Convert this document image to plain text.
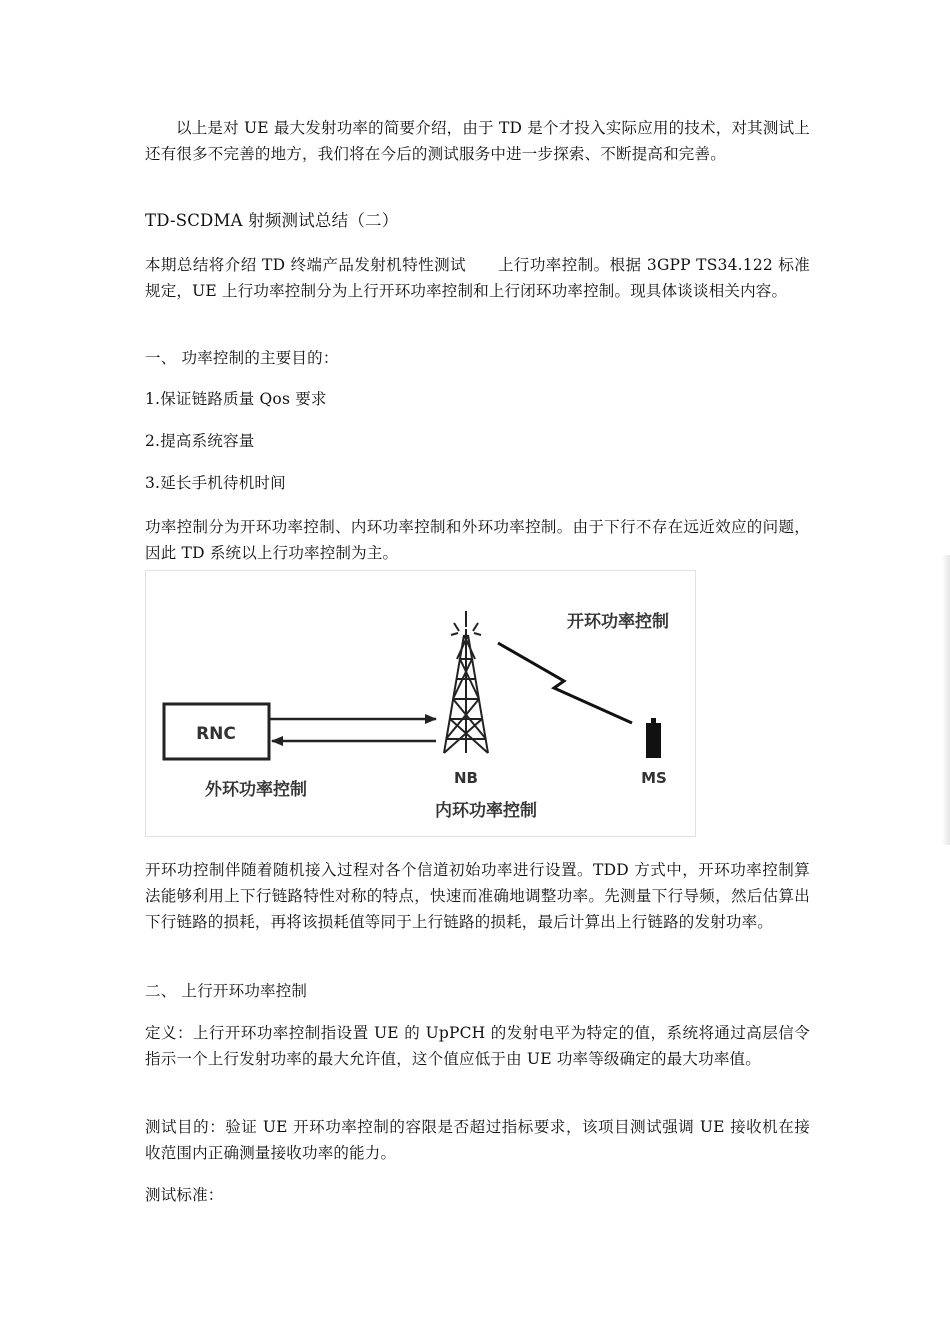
以上是对 UE 最大发射功率的简要介绍，由于 TD 是个才投入实际应用的技术，对其测试上还有很多不完善的地方，我们将在今后的测试服务中进一步探索、不断提高和完善。

TD-SCDMA 射频测试总结（二）

本期总结将介绍 TD 终端产品发射机特性测试　　上行功率控制。根据 3GPP TS34.122 标准规定，UE 上行功率控制分为上行开环功率控制和上行闭环功率控制。现具体谈谈相关内容。

一、 功率控制的主要目的：

1.保证链路质量 Qos 要求

2.提高系统容量

3.延长手机待机时间

功率控制分为开环功率控制、内环功率控制和外环功率控制。由于下行不存在远近效应的问题，因此 TD 系统以上行功率控制为主。

RNC
NB	MS
开环功率控制
外环功率控制
内环功率控制

开环功控制伴随着随机接入过程对各个信道初始功率进行设置。TDD 方式中，开环功率控制算法能够利用上下行链路特性对称的特点，快速而准确地调整功率。先测量下行导频，然后估算出下行链路的损耗，再将该损耗值等同于上行链路的损耗，最后计算出上行链路的发射功率。

二、 上行开环功率控制

定义：上行开环功率控制指设置 UE 的 UpPCH 的发射电平为特定的值，系统将通过高层信令指示一个上行发射功率的最大允许值，这个值应低于由 UE 功率等级确定的最大功率值。

测试目的：验证 UE 开环功率控制的容限是否超过指标要求，该项目测试强调 UE 接收机在接收范围内正确测量接收功率的能力。

测试标准：
